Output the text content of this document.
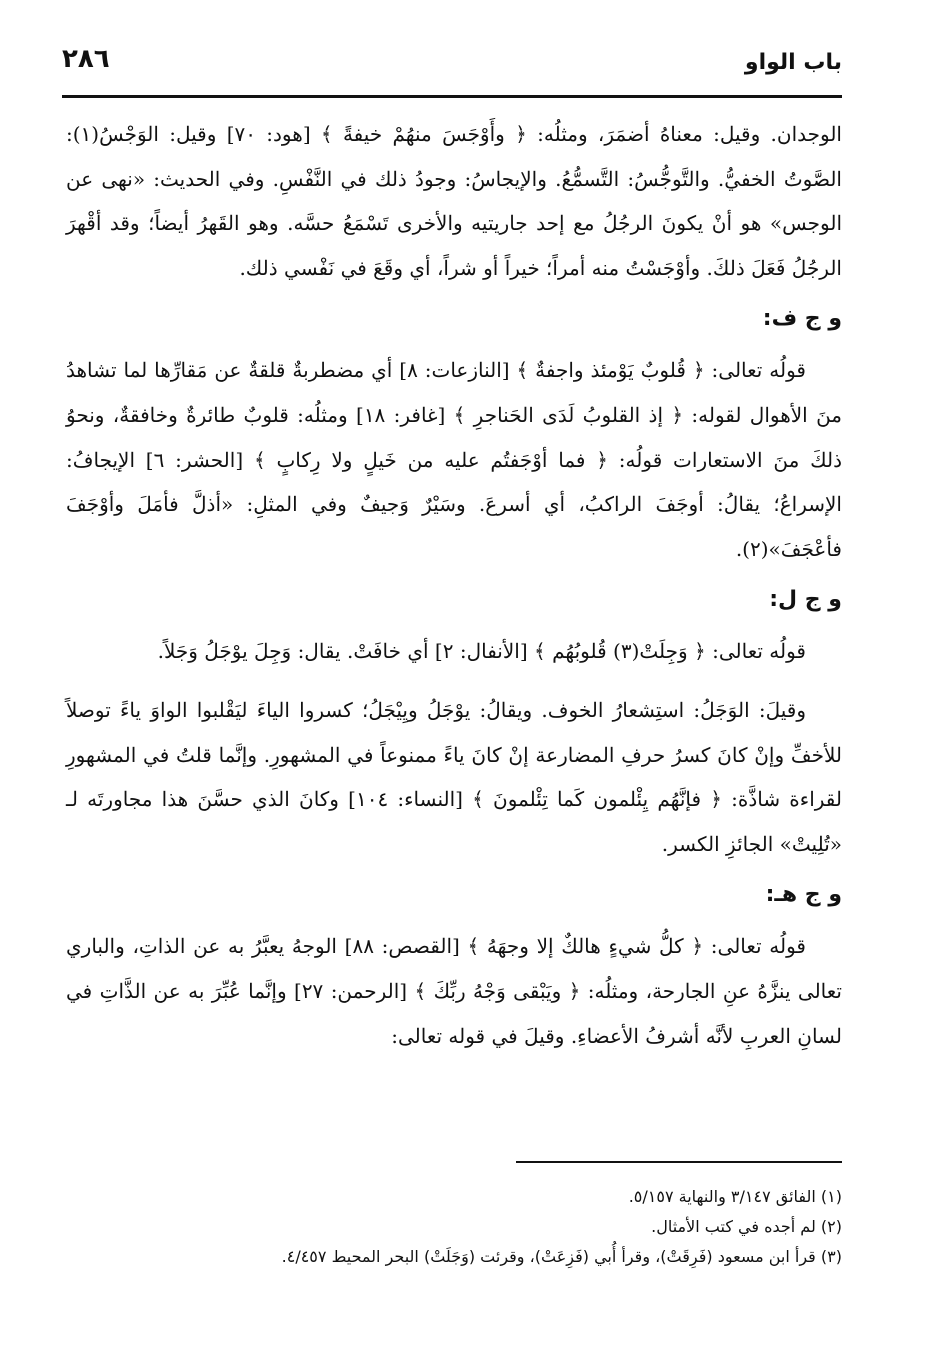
باب الواو
٢٨٦

الوجدان. وقيل: معناهُ أضمَرَ، ومثلُه: ﴿ وأَوْجَسَ منهُمْ خيفةً ﴾ [هود: ٧٠] وقيل: الوَجْسُ(١): الصَّوتُ الخفيُّ. والتَّوجُّسُ: التَّسمُّعُ. والإيجاسُ: وجودُ ذلك في النَّفْسِ. وفي الحديث: «نهى عن الوجس» هو أنْ يكونَ الرجُلُ مع إحد جاريتيه والأخرى تَسْمَعُ حسَّه. وهو القَهرُ أيضاً؛ وقد أقْهرَ الرجُلُ فَعَلَ ذلكَ. وأوْجَسْتُ منه أمراً؛ خيراً أو شراً، أي وقَعَ في نَفْسي ذلك.

و ج ف:

قولُه تعالى: ﴿ قُلوبٌ يَوْمئذ واجفةٌ ﴾ [النازعات: ٨] أي مضطربةٌ قلقةٌ عن مَقارِّها لما تشاهدُ منَ الأهوال لقوله: ﴿ إذ القلوبُ لَدَى الحَناجرِ ﴾ [غافر: ١٨] ومثلُه: قلوبٌ طائرةٌ وخافقةٌ، ونحوُ ذلكَ منَ الاستعارات قولُه: ﴿ فما أوْجَفتُم عليه من خَيلٍ ولا رِكابٍ ﴾ [الحشر: ٦] الإيجافُ: الإسراعُ؛ يقالُ: أوجَفَ الراكبُ، أي أسرعَ. وسَيْرٌ وَجيفٌ وفي المثلِ: «أذلَّ فأمَلَ وأوْجَفَ فأعْجَفَ»(٢).

و ج ل:

قولُه تعالى: ﴿ وَجِلَتْ(٣) قُلوبُهُم ﴾ [الأنفال: ٢] أي خافَتْ. يقال: وَجِلَ يوْجَلُ وَجَلاً.

وقيلَ: الوَجَلُ: استِشعارُ الخوف. ويقالُ: يوْجَلُ ويِيْجَلُ؛ كسروا الياءَ ليَقْلبوا الواوَ ياءً توصلاً للأخفِّ وإنْ كانَ كسرُ حرفِ المضارعة إنْ كانَ ياءً ممنوعاً في المشهورِ. وإنَّما قلتُ في المشهورِ لقراءة شاذَّة: ﴿ فإنَّهُم يِئْلمون كَما تِئْلمونَ ﴾ [النساء: ١٠٤] وكانَ الذي حسَّنَ هذا مجاورتَه لـ «تُلِيتْ» الجائزِ الكسر.

و ج هـ:

قولُه تعالى: ﴿ كلُّ شيءٍ هالكٌ إلا وجهَهُ ﴾ [القصص: ٨٨] الوجهُ يعبَّرُ به عن الذاتِ، والباري تعالى ينزَّهُ عنِ الجارحة، ومثلُه: ﴿ ويَبْقى وَجْهُ ربِّكَ ﴾ [الرحمن: ٢٧] وإنَّما عُبِّرَ به عن الذَّاتِ في لسانِ العربِ لأنَّه أشرفُ الأعضاءِ. وقيلَ في قوله تعالى:

(١) الفائق ٣/١٤٧ والنهاية ٥/١٥٧.

(٢) لم أجده في كتب الأمثال.

(٣) قرأ ابن مسعود (فَرِقَتْ)، وقرأ أُبي (فَزِعَتْ)، وقرئت (وَجَلَتْ) البحر المحيط ٤/٤٥٧.
